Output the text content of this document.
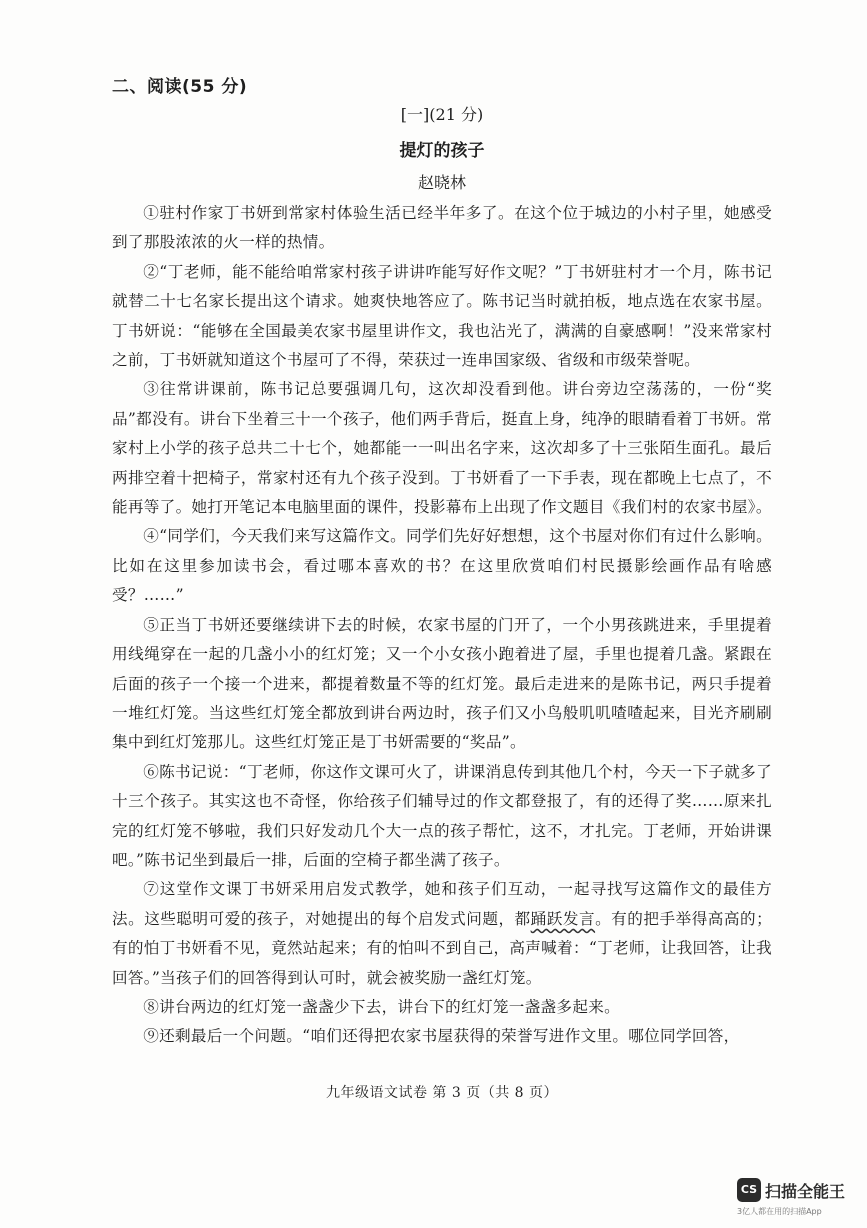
二、阅读(55 分)
[一](21 分)
提灯的孩子
赵晓林

①驻村作家丁书妍到常家村体验生活已经半年多了。在这个位于城边的小村子里，她感受到了那股浓浓的火一样的热情。

②“丁老师，能不能给咱常家村孩子讲讲咋能写好作文呢？”丁书妍驻村才一个月，陈书记就替二十七名家长提出这个请求。她爽快地答应了。陈书记当时就拍板，地点选在农家书屋。丁书妍说：“能够在全国最美农家书屋里讲作文，我也沾光了，满满的自豪感啊！”没来常家村之前，丁书妍就知道这个书屋可了不得，荣获过一连串国家级、省级和市级荣誉呢。

③往常讲课前，陈书记总要强调几句，这次却没看到他。讲台旁边空荡荡的，一份“奖品”都没有。讲台下坐着三十一个孩子，他们两手背后，挺直上身，纯净的眼睛看着丁书妍。常家村上小学的孩子总共二十七个，她都能一一叫出名字来，这次却多了十三张陌生面孔。最后两排空着十把椅子，常家村还有九个孩子没到。丁书妍看了一下手表，现在都晚上七点了，不能再等了。她打开笔记本电脑里面的课件，投影幕布上出现了作文题目《我们村的农家书屋》。

④“同学们，今天我们来写这篇作文。同学们先好好想想，这个书屋对你们有过什么影响。比如在这里参加读书会，看过哪本喜欢的书？在这里欣赏咱们村民摄影绘画作品有啥感受？……”

⑤正当丁书妍还要继续讲下去的时候，农家书屋的门开了，一个小男孩跳进来，手里提着用线绳穿在一起的几盏小小的红灯笼；又一个小女孩小跑着进了屋，手里也提着几盏。紧跟在后面的孩子一个接一个进来，都提着数量不等的红灯笼。最后走进来的是陈书记，两只手提着一堆红灯笼。当这些红灯笼全都放到讲台两边时，孩子们又小鸟般叽叽喳喳起来，目光齐刷刷集中到红灯笼那儿。这些红灯笼正是丁书妍需要的“奖品”。

⑥陈书记说：“丁老师，你这作文课可火了，讲课消息传到其他几个村，今天一下子就多了十三个孩子。其实这也不奇怪，你给孩子们辅导过的作文都登报了，有的还得了奖……原来扎完的红灯笼不够啦，我们只好发动几个大一点的孩子帮忙，这不，才扎完。丁老师，开始讲课吧。”陈书记坐到最后一排，后面的空椅子都坐满了孩子。

⑦这堂作文课丁书妍采用启发式教学，她和孩子们互动，一起寻找写这篇作文的最佳方法。这些聪明可爱的孩子，对她提出的每个启发式问题，都踊跃发言。有的把手举得高高的；有的怕丁书妍看不见，竟然站起来；有的怕叫不到自己，高声喊着：“丁老师，让我回答，让我回答。”当孩子们的回答得到认可时，就会被奖励一盏红灯笼。

⑧讲台两边的红灯笼一盏盏少下去，讲台下的红灯笼一盏盏多起来。

⑨还剩最后一个问题。“咱们还得把农家书屋获得的荣誉写进作文里。哪位同学回答，

九年级语文试卷 第 3 页（共 8 页）
CS 扫描全能王
3亿人都在用的扫描App
